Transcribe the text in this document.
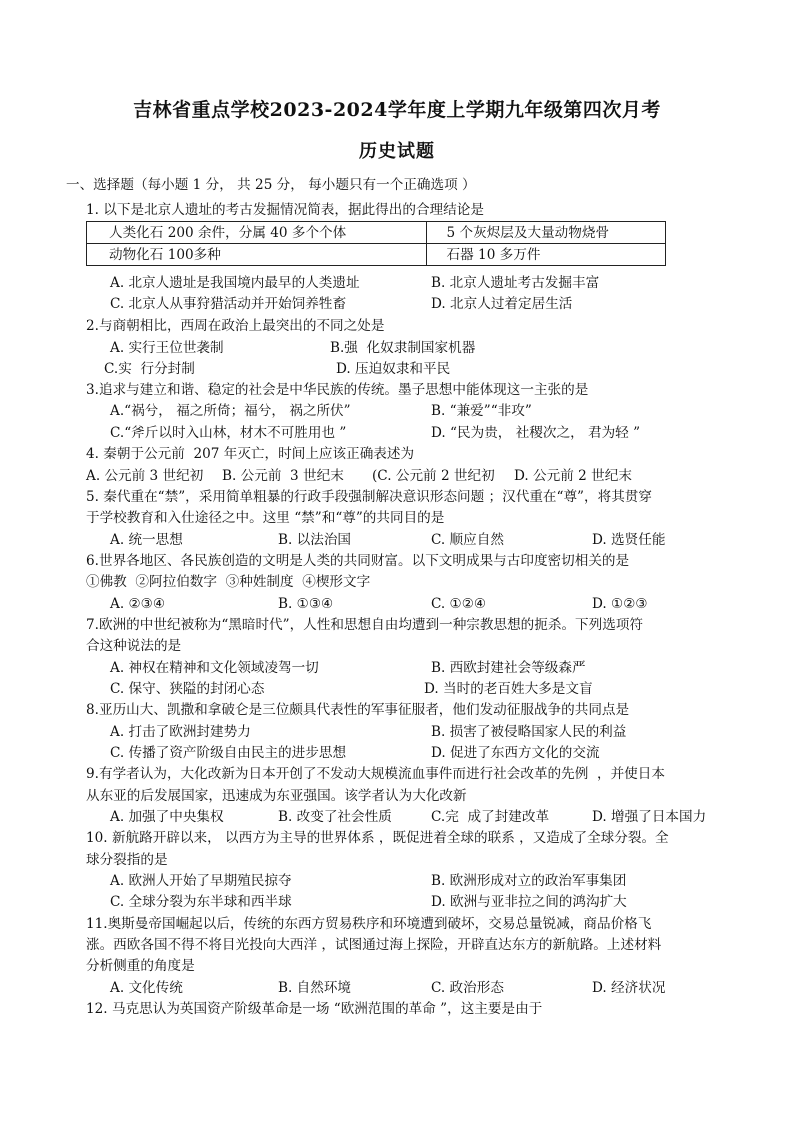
吉林省重点学校2023-2024学年度上学期九年级第四次月考
历史试题
一、选择题（每小题 1 分， 共 25 分， 每小题只有一个正确选项 ）
1. 以下是北京人遗址的考古发掘情况简表，据此得出的合理结论是
人类化石 200 余件，分属 40 多个个体	5 个灰烬层及大量动物烧骨
动物化石 100多种	石器 10 多万件
A. 北京人遗址是我国境内最早的人类遗址	B. 北京人遗址考古发掘丰富
C. 北京人从事狩猎活动并开始饲养牲畜	D. 北京人过着定居生活
2.与商朝相比，西周在政治上最突出的不同之处是
A. 实行王位世袭制	B.强  化奴隶制国家机器
C.实  行分封制	D. 压迫奴隶和平民
3.追求与建立和谐、稳定的社会是中华民族的传统。墨子思想中能体现这一主张的是
A.“祸兮， 福之所倚；福兮， 祸之所伏”	B. “兼爱”“非攻”
C.“斧斤以时入山林，材木不可胜用也 ”	D. “民为贵， 社稷次之， 君为轻 ”
4. 秦朝于公元前  207 年灭亡，时间上应该正确表述为
A. 公元前 3 世纪初 B. 公元前  3 世纪末 (C. 公元前 2 世纪初 D. 公元前 2 世纪末
5. 秦代重在“禁”，采用简单粗暴的行政手段强制解决意识形态问题 ；汉代重在“尊”，将其贯穿
于学校教育和入仕途径之中。这里 “禁”和“尊”的共同目的是
A. 统一思想	B. 以法治国	C. 顺应自然	D. 选贤任能
6.世界各地区、各民族创造的文明是人类的共同财富。以下文明成果与古印度密切相关的是
①佛教  ②阿拉伯数字  ③种姓制度  ④楔形文字
A. ②③④	B. ①③④	C. ①②④	D. ①②③
7.欧洲的中世纪被称为“黑暗时代”，人性和思想自由均遭到一种宗教思想的扼杀。下列选项符
合这种说法的是
A. 神权在精神和文化领域凌驾一切	B. 西欧封建社会等级森严
C. 保守、狭隘的封闭心态	D. 当时的老百姓大多是文盲
8.亚历山大、凯撒和拿破仑是三位颇具代表性的军事征服者，他们发动征服战争的共同点是
A. 打击了欧洲封建势力	B. 损害了被侵略国家人民的利益
C. 传播了资产阶级自由民主的进步思想	D. 促进了东西方文化的交流
9.有学者认为，大化改新为日本开创了不发动大规模流血事件而进行社会改革的先例  ，并使日本
从东亚的后发展国家，迅速成为东亚强国。该学者认为大化改新
A. 加强了中央集权	B. 改变了社会性质	C.完  成了封建改革	D. 增强了日本国力
10. 新航路开辟以来， 以西方为主导的世界体系 ，既促进着全球的联系 ，又造成了全球分裂。全
球分裂指的是
A. 欧洲人开始了早期殖民掠夺	B. 欧洲形成对立的政治军事集团
C. 全球分裂为东半球和西半球	D. 欧洲与亚非拉之间的鸿沟扩大
11.奥斯曼帝国崛起以后，传统的东西方贸易秩序和环境遭到破坏，交易总量锐减，商品价格飞
涨。西欧各国不得不将目光投向大西洋 ，试图通过海上探险，开辟直达东方的新航路。上述材料
分析侧重的角度是
A. 文化传统	B. 自然环境	C. 政治形态	D. 经济状况
12. 马克思认为英国资产阶级革命是一场 “欧洲范围的革命 ”，这主要是由于
